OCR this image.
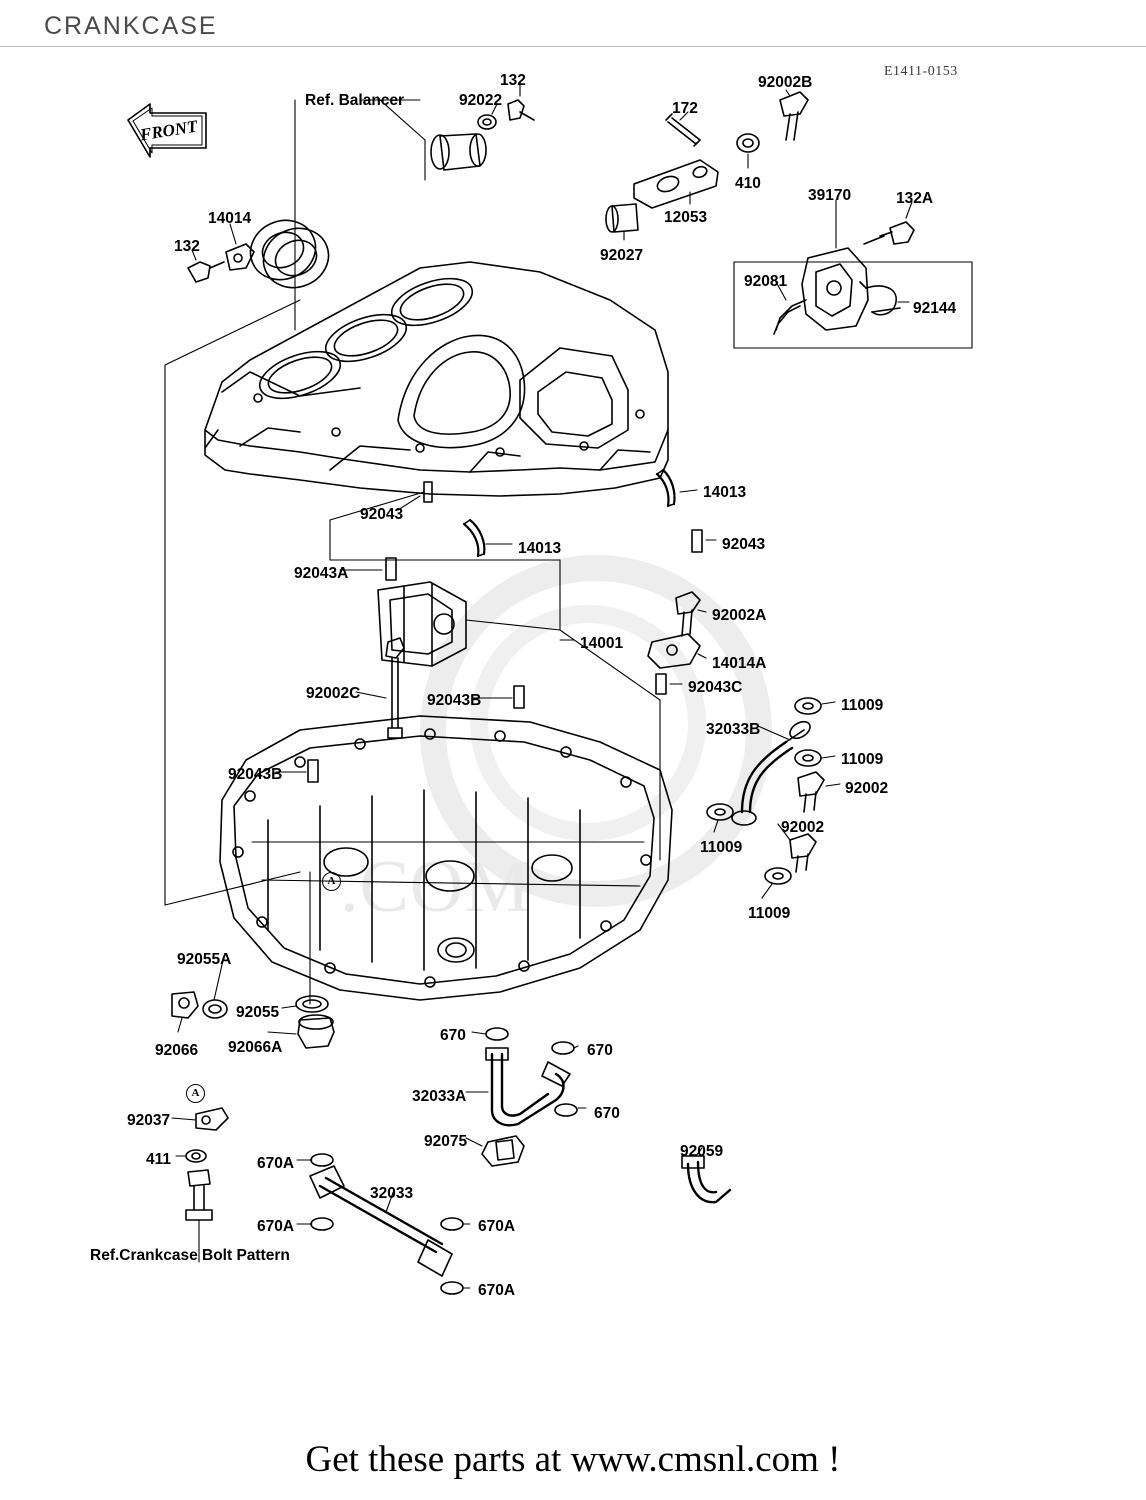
CRANKCASE
E1411-0153
.COM
FRONT
Ref. Balancer
132
92022	172
92002B
410
12053
92027
39170	132A
92081
92144
14014
132
14013
92043
92043
14013
92043A
92002A
14001
14014A
92043C
92002C	92043B	11009
32033B
11009
92002
92043B
92002
11009
11009
92055A
92055
92066 92066A
670
670
32033A
670
92075
92059
92037
411	670A
32033
670A	670A
Ref.Crankcase Bolt Pattern
670A
A
A
Get these parts at www.cmsnl.com !
